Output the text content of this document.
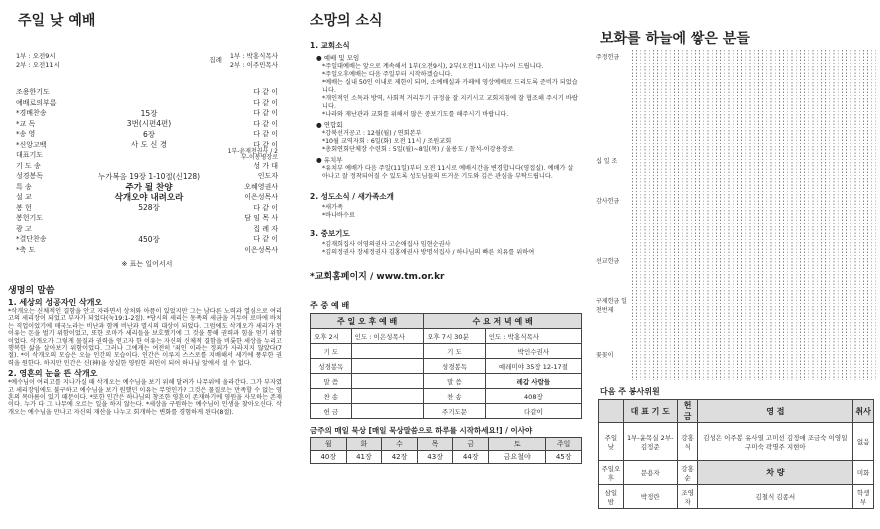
주일 낮 예배
1부 : 오전9시
2부 : 오전11시
집례
1부 : 박홍식목사
2부 : 이주민목사
조용한기도	다 같 이
예배로의부름	다 같 이
*경배찬송	15장	다 같 이
*교 독	3번(시편4편)	다 같 이
*송 영	6장	다 같 이
*신앙고백	사 도 신 경	다 같 이
대표기도	1부-윤재천권사 / 2부-이봉병장로
기 도 송	성 가 대
성경봉독	누가복음 19장 1-10절(신128)	인도자
특 송	주가 될 찬양	오혜영권사
설 교	삭개오야 내려오라	이은성목사
봉 헌	528장	다 같 이
봉헌기도	담 임 목 사
광 고	집 례 자
*결단찬송	450장	다 같 이
*축 도	이은성목사
※ 표는 일어서서
생명의 말씀
1. 세상의 성공자인 삭개오
*삭개오는 신체적인 결함을 안고 자라면서 상처와 아픔이 있었지만 그는 남다른 노력과 열심으로 여리고의 세리장이 되었고 부자가 되었다(눅19:1-2절). *당시의 세리는 동족의 세금을 거두어 로마에 바치는 직업이었기에 매국노라는 비난과 함께 비난과 멸시의 대상이 되었다. 그럼에도 삭개오가 세리가 된 이유는 돈을 벌기 위함이었고, 또한 로마가 세리들을 보호했기에 그 것을 통해 권력과 힘을 얻기 위함이었다. 삭개오가 그렇게 물질과 권력을 얻고자 한 이유는 자신의 신체적 결함을 비롯한 세상을 누리고 행복한 삶을 살아보기 위함이었다. 그러나 그에게는 여전히 '죄인 이라는 정죄가 사라지지 않았다(7절). *이 삭개오의 모습은 오늘 인간의 모습이다. 인간은 이루지 스스로를 지배해서 세기에 풍부한 권력을 원한다. 하지만 인간은 신(神)을 상실한 영원한 죄인이 되어 하나님 앞에서 설 수 없다.
2. 영혼의 눈을 뜬 삭개오
*예수님이 여리고를 지나가실 때 삭개오는 예수님을 보기 위해 달려가 나무위에 올라간다. 그가 부자였고 세리장임에도 불구하고 예수님을 보기 원했던 이유는 무엇인가? 그것은 물질로는 만족할 수 없는 영혼의 목마름이 있기 때문이다. *또한 인간은 하나님의 창조한 영혼이 존재하기에 영원을 사모하는 존재이다. 누가 다 그 나무에 오르는 일을 하지 않는다. *세상을 구원하는 예수님이 인생을 찾아오신다. 삭개오는 예수님을 만나고 자신의 재산을 나누고 회개하는 변화를 경험하게 된다(8절).
소망의 소식
1. 교회소식
● 예배 및 모임
*주일대예배는 앞으로 계속해서 1부(오전9시), 2부(오전11시)로 나누어 드립니다.
*주일오후예배는 다음 주일부터 시작하겠습니다.
*예배는 실내 50인 이내로 제한이 되며, 소예배실과 카페에 영상예배로 드리도록 준비가 되었습니다.
*개인적인 소독과 방역, 사회적 거리두기 규정을 잘 지키시고 교회지침에 잘 협조해 주시기 바랍니다.
*나라와 재난관과 교회를 위해서 많은 중보기도를 해주시기 바랍니다.
● 연합회
*강북선거공고 : 12월(월) / 연회본부
*10월 교역자회 : 6일(화) 오전 11시 / 조원교회
*총회연회단체장 수련회 : 5일(월)~8일(목) / 울릉도 / 참석-이강용장로
● 유치부
*유치부 예배가 다음 주일(11일)부터 오전 11시로 예배시간을 변경합니다(영접실). 예배가 살아나고 잘 정착되어질 수 있도록 성도님들의 뜨거운 기도와 깊은 관심을 부탁드립니다.
2. 성도소식 / 새가족소개
*새가족
*바나바수료
3. 중보기도
*김재희집사 이영의권사 고순애집사 임현순권사
*김의정권사 장세정권사 김홍애권사 방명석집사 / 하나님의 빠른 치유를 위하여
*교회홈페이지 / www.tm.or.kr
주 중 예 배
주 일 오 후 예 배		수 요 저 녁 예 배	
오후 2시	인도 : 이은성목사	오후 7시 30분	인도 : 박홍식목사
기 도		기 도	박인수권사
성경봉독		성경봉독	예레미야 35장 12-17절
말 씀		말 씀	레갑 사람들
찬 송		찬 송	408장
헌 금		주기도문	다같이
금주의 매일 묵상 [매일 묵상말씀으로 하루를 시작하세요!] / 이사야
월	화	수	목	금	토	주일
40장	41장	42장	43장	44장	금요철야	45장
보화를 하늘에 쌓은 분들
주정헌금
십 일 조
감사헌금
선교헌금
구제헌금 일천번제
꽃꽂이
다음 주 봉사위원
	대 표 기 도	헌 금	영 접	취사
주일 낮	1부-윤목실 2부-김정준	강홍식	김성은 이주봉 유사열 고미선 김정애 조금숙 이영일 구미숙 곽명주 지현아	없음
주일오후	문용자	강홍순	차 량	미화
삼일 밤	박정란	조영자	김철식 김종서	학생부
